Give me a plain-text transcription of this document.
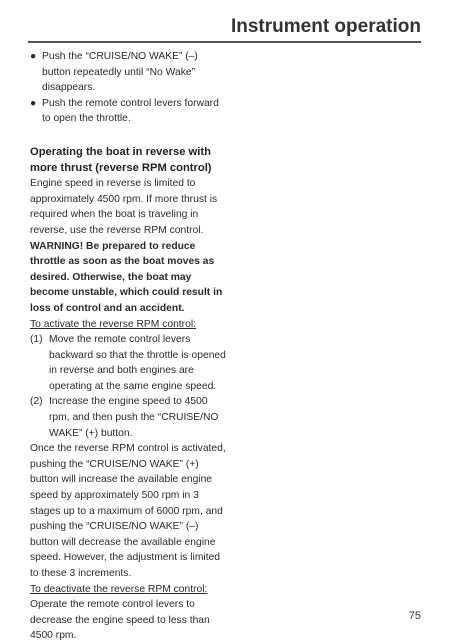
Instrument operation
● Push the “CRUISE/NO WAKE” (–) button repeatedly until “No Wake” disappears.
● Push the remote control levers forward to open the throttle.
Operating the boat in reverse with more thrust (reverse RPM control)

Engine speed in reverse is limited to approximately 4500 rpm. If more thrust is required when the boat is traveling in reverse, use the reverse RPM control. WARNING! Be prepared to reduce throttle as soon as the boat moves as desired. Otherwise, the boat may become unstable, which could result in loss of control and an accident.

To activate the reverse RPM control:
(1) Move the remote control levers backward so that the throttle is opened in reverse and both engines are operating at the same engine speed.
(2) Increase the engine speed to 4500 rpm, and then push the “CRUISE/NO WAKE” (+) button.

Once the reverse RPM control is activated, pushing the “CRUISE/NO WAKE” (+) button will increase the available engine speed by approximately 500 rpm in 3 stages up to a maximum of 6000 rpm, and pushing the “CRUISE/NO WAKE” (–) button will decrease the available engine speed. However, the adjustment is limited to these 3 increments.

To deactivate the reverse RPM control:

Operate the remote control levers to decrease the engine speed to less than 4500 rpm.

75
